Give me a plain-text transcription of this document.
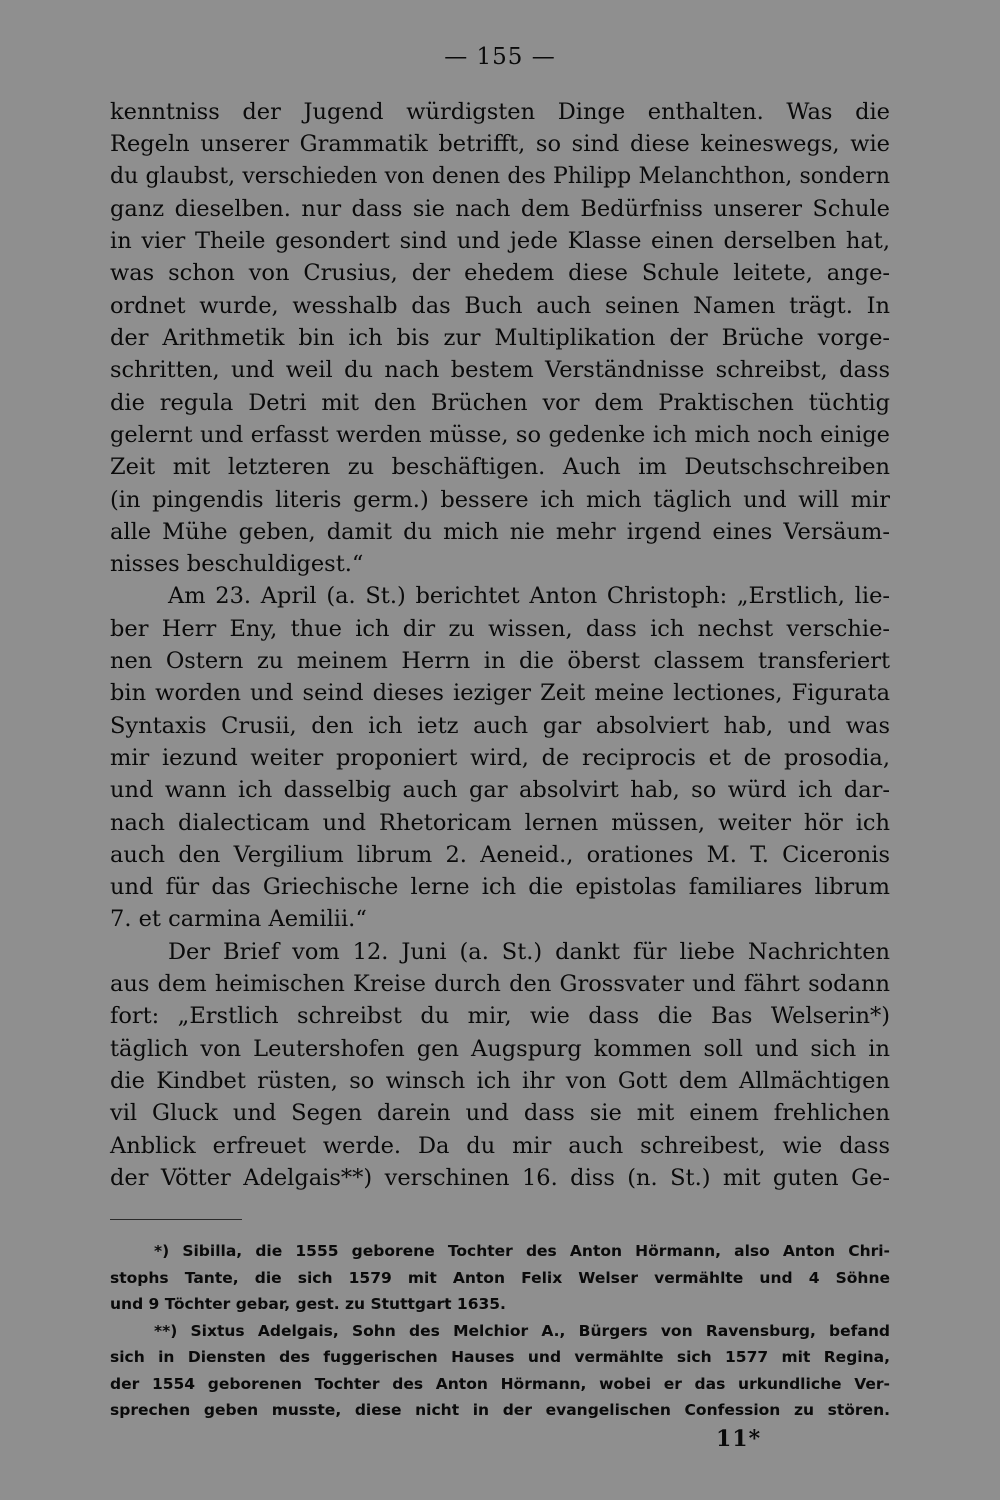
— 155 —
kenntniss der Jugend würdigsten Dinge enthalten. Was die
Regeln unserer Grammatik betrifft, so sind diese keineswegs, wie
du glaubst, verschieden von denen des Philipp Melanchthon, sondern
ganz dieselben. nur dass sie nach dem Bedürfniss unserer Schule
in vier Theile gesondert sind und jede Klasse einen derselben hat,
was schon von Crusius, der ehedem diese Schule leitete, ange-
ordnet wurde, wesshalb das Buch auch seinen Namen trägt. In
der Arithmetik bin ich bis zur Multiplikation der Brüche vorge-
schritten, und weil du nach bestem Verständnisse schreibst, dass
die regula Detri mit den Brüchen vor dem Praktischen tüchtig
gelernt und erfasst werden müsse, so gedenke ich mich noch einige
Zeit mit letzteren zu beschäftigen. Auch im Deutschschreiben
(in pingendis literis germ.) bessere ich mich täglich und will mir
alle Mühe geben, damit du mich nie mehr irgend eines Versäum-
nisses beschuldigest.“
Am 23. April (a. St.) berichtet Anton Christoph: „Erstlich, lie-
ber Herr Eny, thue ich dir zu wissen, dass ich nechst verschie-
nen Ostern zu meinem Herrn in die öberst classem transferiert
bin worden und seind dieses ieziger Zeit meine lectiones, Figurata
Syntaxis Crusii, den ich ietz auch gar absolviert hab, und was
mir iezund weiter proponiert wird, de reciprocis et de prosodia,
und wann ich dasselbig auch gar absolvirt hab, so würd ich dar-
nach dialecticam und Rhetoricam lernen müssen, weiter hör ich
auch den Vergilium librum 2. Aeneid., orationes M. T. Ciceronis
und für das Griechische lerne ich die epistolas familiares librum
7. et carmina Aemilii.“
Der Brief vom 12. Juni (a. St.) dankt für liebe Nachrichten
aus dem heimischen Kreise durch den Grossvater und fährt sodann
fort: „Erstlich schreibst du mir, wie dass die Bas Welserin*)
täglich von Leutershofen gen Augspurg kommen soll und sich in
die Kindbet rüsten, so winsch ich ihr von Gott dem Allmächtigen
vil Gluck und Segen darein und dass sie mit einem frehlichen
Anblick erfreuet werde. Da du mir auch schreibest, wie dass
der Vötter Adelgais**) verschinen 16. diss (n. St.) mit guten Ge-
*) Sibilla, die 1555 geborene Tochter des Anton Hörmann, also Anton Chri-
stophs Tante, die sich 1579 mit Anton Felix Welser vermählte und 4 Söhne
und 9 Töchter gebar, gest. zu Stuttgart 1635.
**) Sixtus Adelgais, Sohn des Melchior A., Bürgers von Ravensburg, befand
sich in Diensten des fuggerischen Hauses und vermählte sich 1577 mit Regina,
der 1554 geborenen Tochter des Anton Hörmann, wobei er das urkundliche Ver-
sprechen geben musste, diese nicht in der evangelischen Confession zu stören.
11*
